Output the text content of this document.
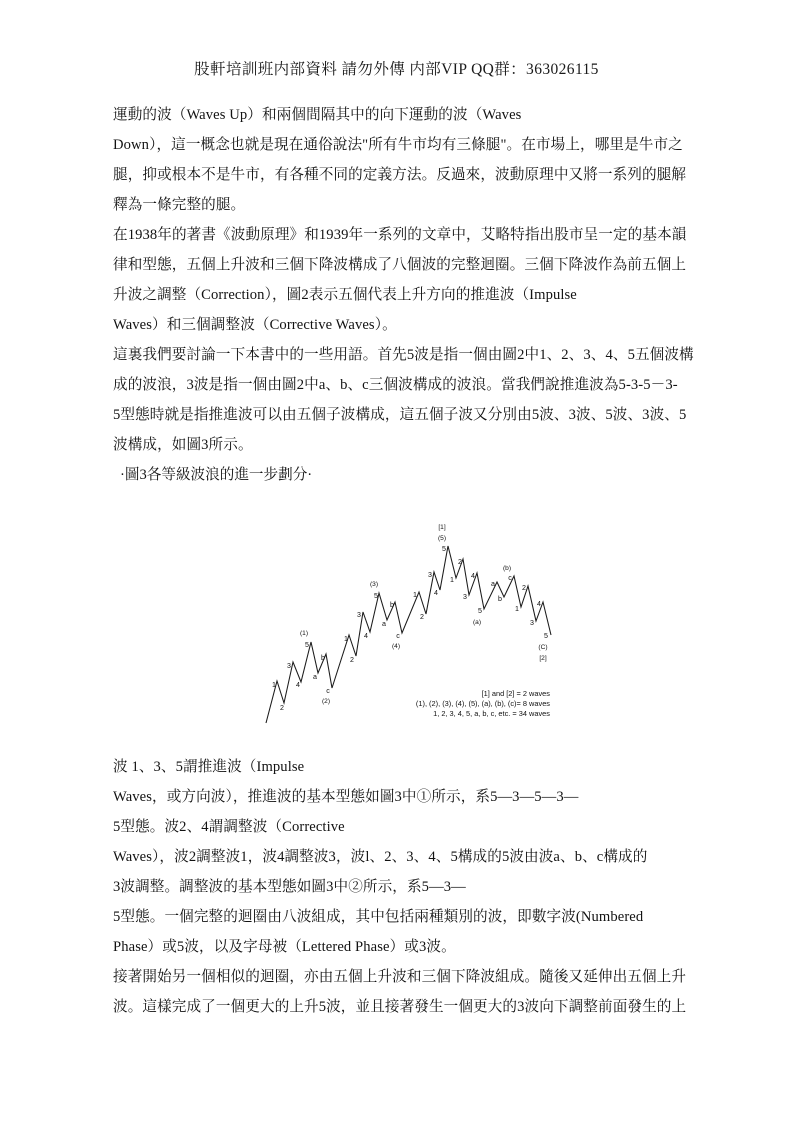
股軒培訓班内部資料 請勿外傳 内部VIP QQ群：363026115
運動的波（Waves Up）和兩個間隔其中的向下運動的波（Waves
Down），這一概念也就是現在通俗說法"所有牛市均有三條腿"。在市場上，哪里是牛市之
腿，抑或根本不是牛市，有各種不同的定義方法。反過來，波動原理中又將一系列的腿解
釋為一條完整的腿。
在1938年的著書《波動原理》和1939年一系列的文章中，艾略特指出股市呈一定的基本韻
律和型態，五個上升波和三個下降波構成了八個波的完整迴圈。三個下降波作為前五個上
升波之調整（Correction），圖2表示五個代表上升方向的推進波（Impulse
Waves）和三個調整波（Corrective Waves）。
這裏我們要討論一下本書中的一些用語。首先5波是指一個由圖2中1、2、3、4、5五個波構
成的波浪，3波是指一個由圖2中a、b、c三個波構成的波浪。當我們說推進波為5-3-5－3-
5型態時就是指推進波可以由五個子波構成，這五個子波又分別由5波、3波、5波、3波、5
波構成，如圖3所示。
·圖3各等級波浪的進一步劃分·
1
2
3
4
(1)
5
a
b
c
(2)
1
2
3
4
(3)
5
a
b
c
(4)
1
2
3
4
[1]
(5)
5
1
2
3
4
5
(a)
a
b
(b)
c
1
2
3
4
5
(C)
[2]
[1] and [2] = 2 waves
(1), (2), (3), (4), (5), (a), (b), (c)= 8 waves
1, 2, 3, 4, 5, a, b, c, etc. = 34 waves
波 1、3、5謂推進波（Impulse
Waves，或方向波），推進波的基本型態如圖3中①所示，系5—3—5—3—
5型態。波2、4謂調整波（Corrective
Waves），波2調整波1，波4調整波3，波l、2、3、4、5構成的5波由波a、b、c構成的
3波調整。調整波的基本型態如圖3中②所示，系5—3—
5型態。一個完整的迴圈由八波組成，其中包括兩種類別的波，即數字波(Numbered
Phase）或5波，以及字母被（Lettered Phase）或3波。
接著開始另一個相似的迴圈，亦由五個上升波和三個下降波組成。隨後又延伸出五個上升
波。這樣完成了一個更大的上升5波，並且接著發生一個更大的3波向下調整前面發生的上
